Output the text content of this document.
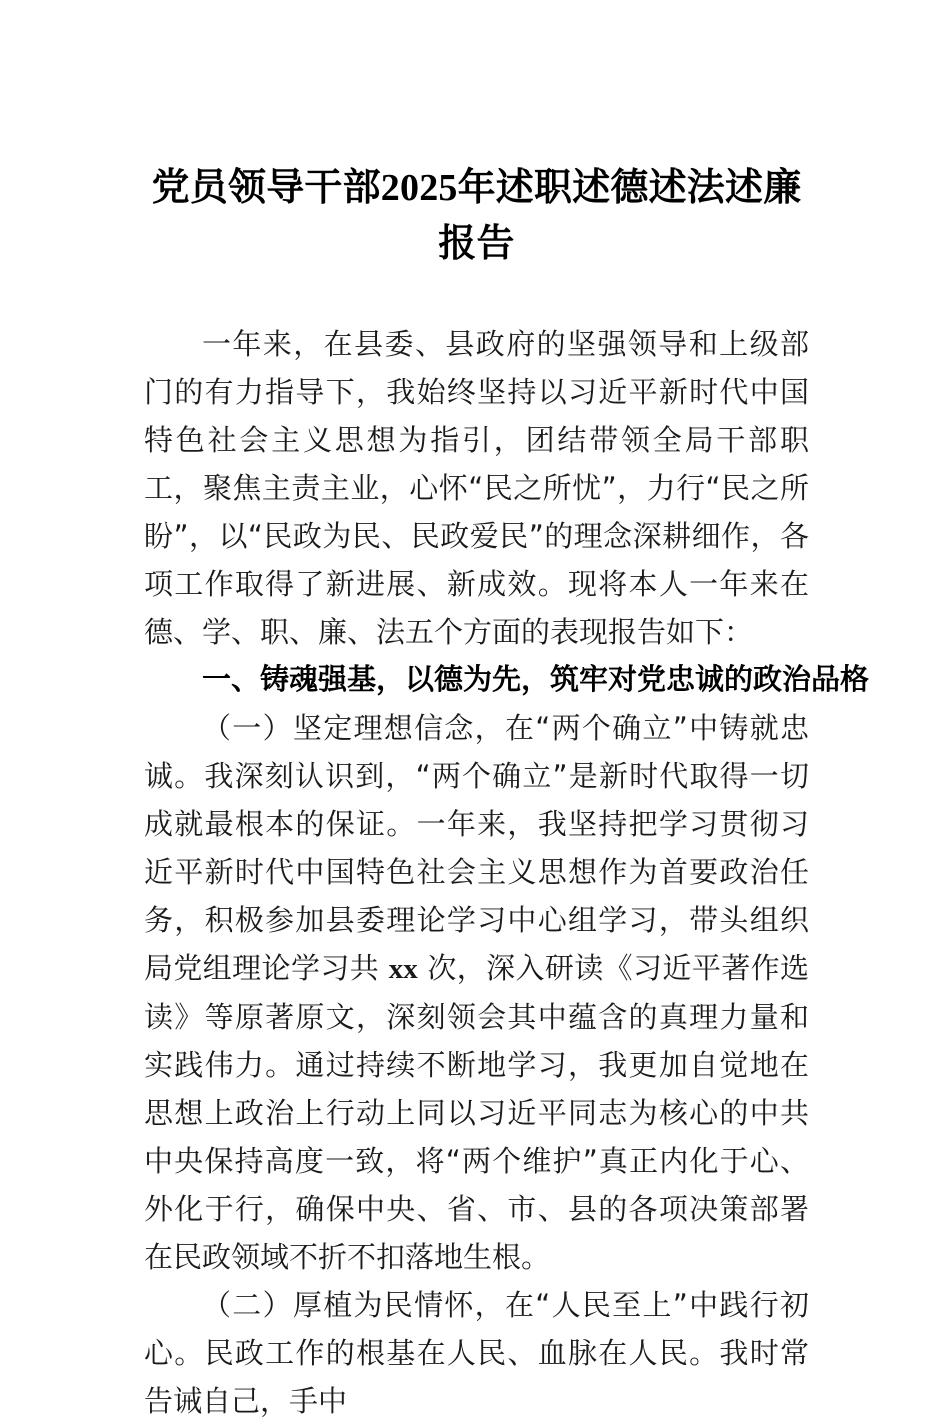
党员领导干部2025年述职述德述法述廉报告

一年来，在县委、县政府的坚强领导和上级部门的有力指导下，我始终坚持以习近平新时代中国特色社会主义思想为指引，团结带领全局干部职工，聚焦主责主业，心怀“民之所忧”，力行“民之所盼”，以“民政为民、民政爱民”的理念深耕细作，各项工作取得了新进展、新成效。现将本人一年来在德、学、职、廉、法五个方面的表现报告如下：

一、铸魂强基，以德为先，筑牢对党忠诚的政治品格

（一）坚定理想信念，在“两个确立”中铸就忠诚。我深刻认识到，“两个确立”是新时代取得一切成就最根本的保证。一年来，我坚持把学习贯彻习近平新时代中国特色社会主义思想作为首要政治任务，积极参加县委理论学习中心组学习，带头组织局党组理论学习共 xx 次，深入研读《习近平著作选读》等原著原文，深刻领会其中蕴含的真理力量和实践伟力。通过持续不断地学习，我更加自觉地在思想上政治上行动上同以习近平同志为核心的中共中央保持高度一致，将“两个维护”真正内化于心、外化于行，确保中央、省、市、县的各项决策部署在民政领域不折不扣落地生根。

（二）厚植为民情怀，在“人民至上”中践行初心。民政工作的根基在人民、血脉在人民。我时常告诫自己，手中
